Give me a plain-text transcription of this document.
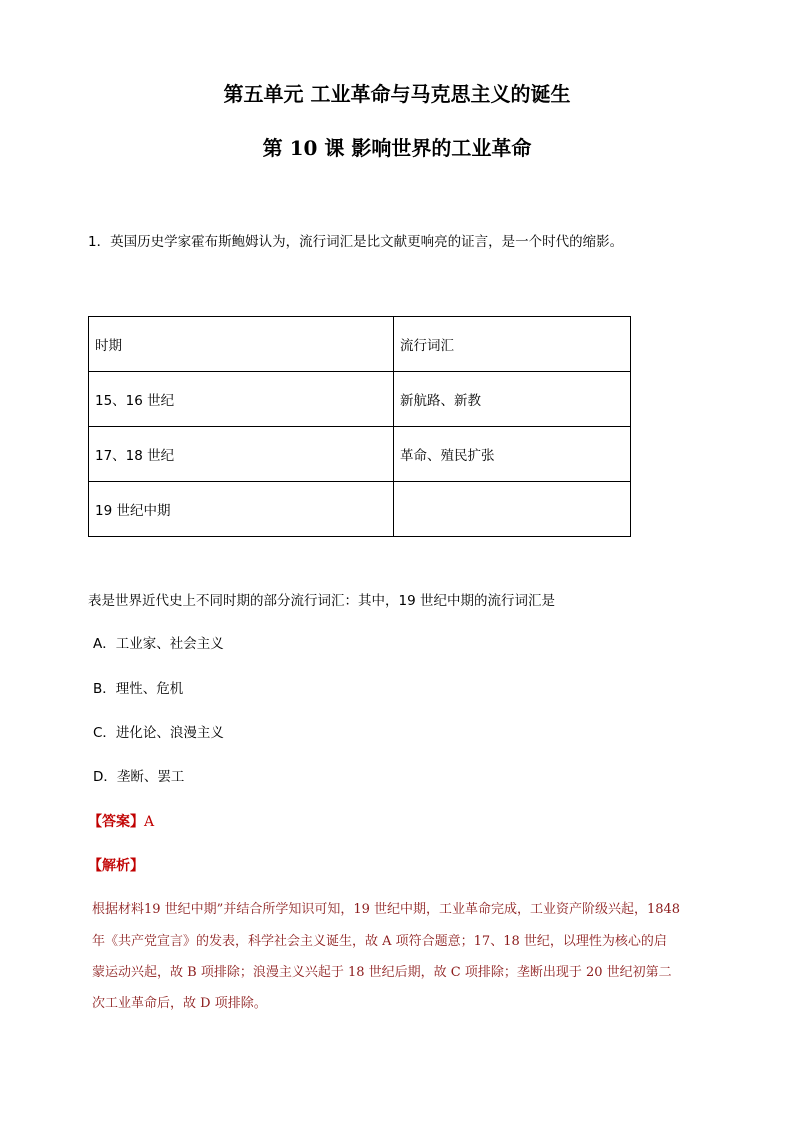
第五单元 工业革命与马克思主义的诞生
第 10 课 影响世界的工业革命
1．英国历史学家霍布斯鲍姆认为，流行词汇是比文献更响亮的证言，是一个时代的缩影。
时期	流行词汇
15、16 世纪	新航路、新教
17、18 世纪	革命、殖民扩张
19 世纪中期	
表是世界近代史上不同时期的部分流行词汇：其中，19 世纪中期的流行词汇是
A．工业家、社会主义
B．理性、危机
C．进化论、浪漫主义
D．垄断、罢工
【答案】A
【解析】
根据材料19 世纪中期”并结合所学知识可知，19 世纪中期，工业革命完成，工业资产阶级兴起，1848
年《共产党宣言》的发表，科学社会主义诞生，故 A 项符合题意；17、18 世纪，以理性为核心的启
蒙运动兴起，故 B 项排除；浪漫主义兴起于 18 世纪后期，故 C 项排除；垄断出现于 20 世纪初第二
次工业革命后，故 D 项排除。
